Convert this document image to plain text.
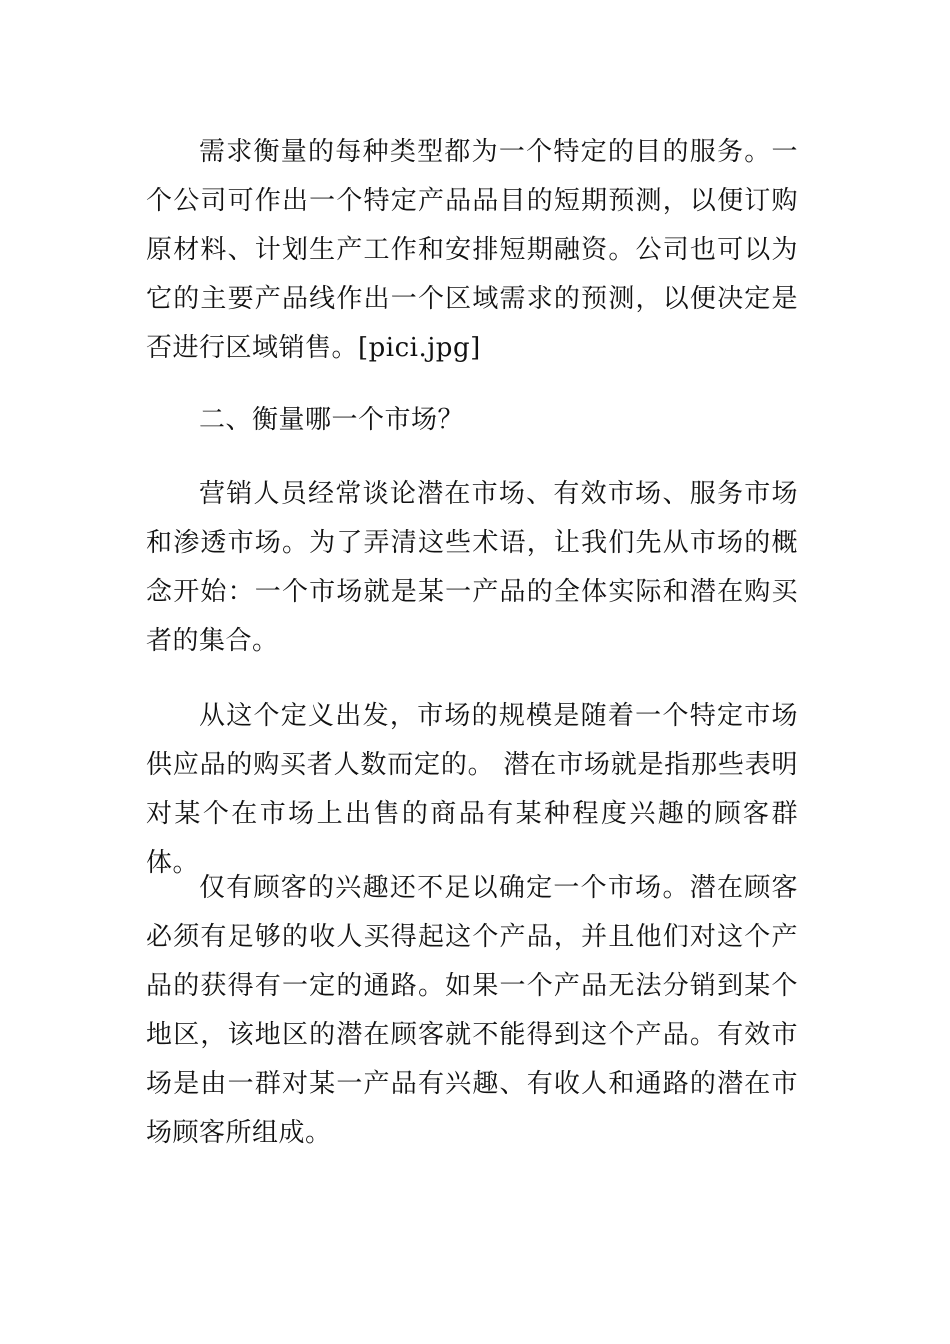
需求衡量的每种类型都为一个特定的目的服务。一个公司可作出一个特定产品品目的短期预测，以便订购原材料、计划生产工作和安排短期融资。公司也可以为它的主要产品线作出一个区域需求的预测，以便决定是否进行区域销售。[pici.jpg]

二、衡量哪一个市场？

营销人员经常谈论潜在市场、有效市场、服务市场和渗透市场。为了弄清这些术语，让我们先从市场的概念开始：一个市场就是某一产品的全体实际和潜在购买者的集合。

从这个定义出发，市场的规模是随着一个特定市场供应品的购买者人数而定的。 潜在市场就是指那些表明对某个在市场上出售的商品有某种程度兴趣的顾客群体。

仅有顾客的兴趣还不足以确定一个市场。潜在顾客必须有足够的收人买得起这个产品，并且他们对这个产品的获得有一定的通路。如果一个产品无法分销到某个地区，该地区的潜在顾客就不能得到这个产品。有效市场是由一群对某一产品有兴趣、有收人和通路的潜在市场顾客所组成。
